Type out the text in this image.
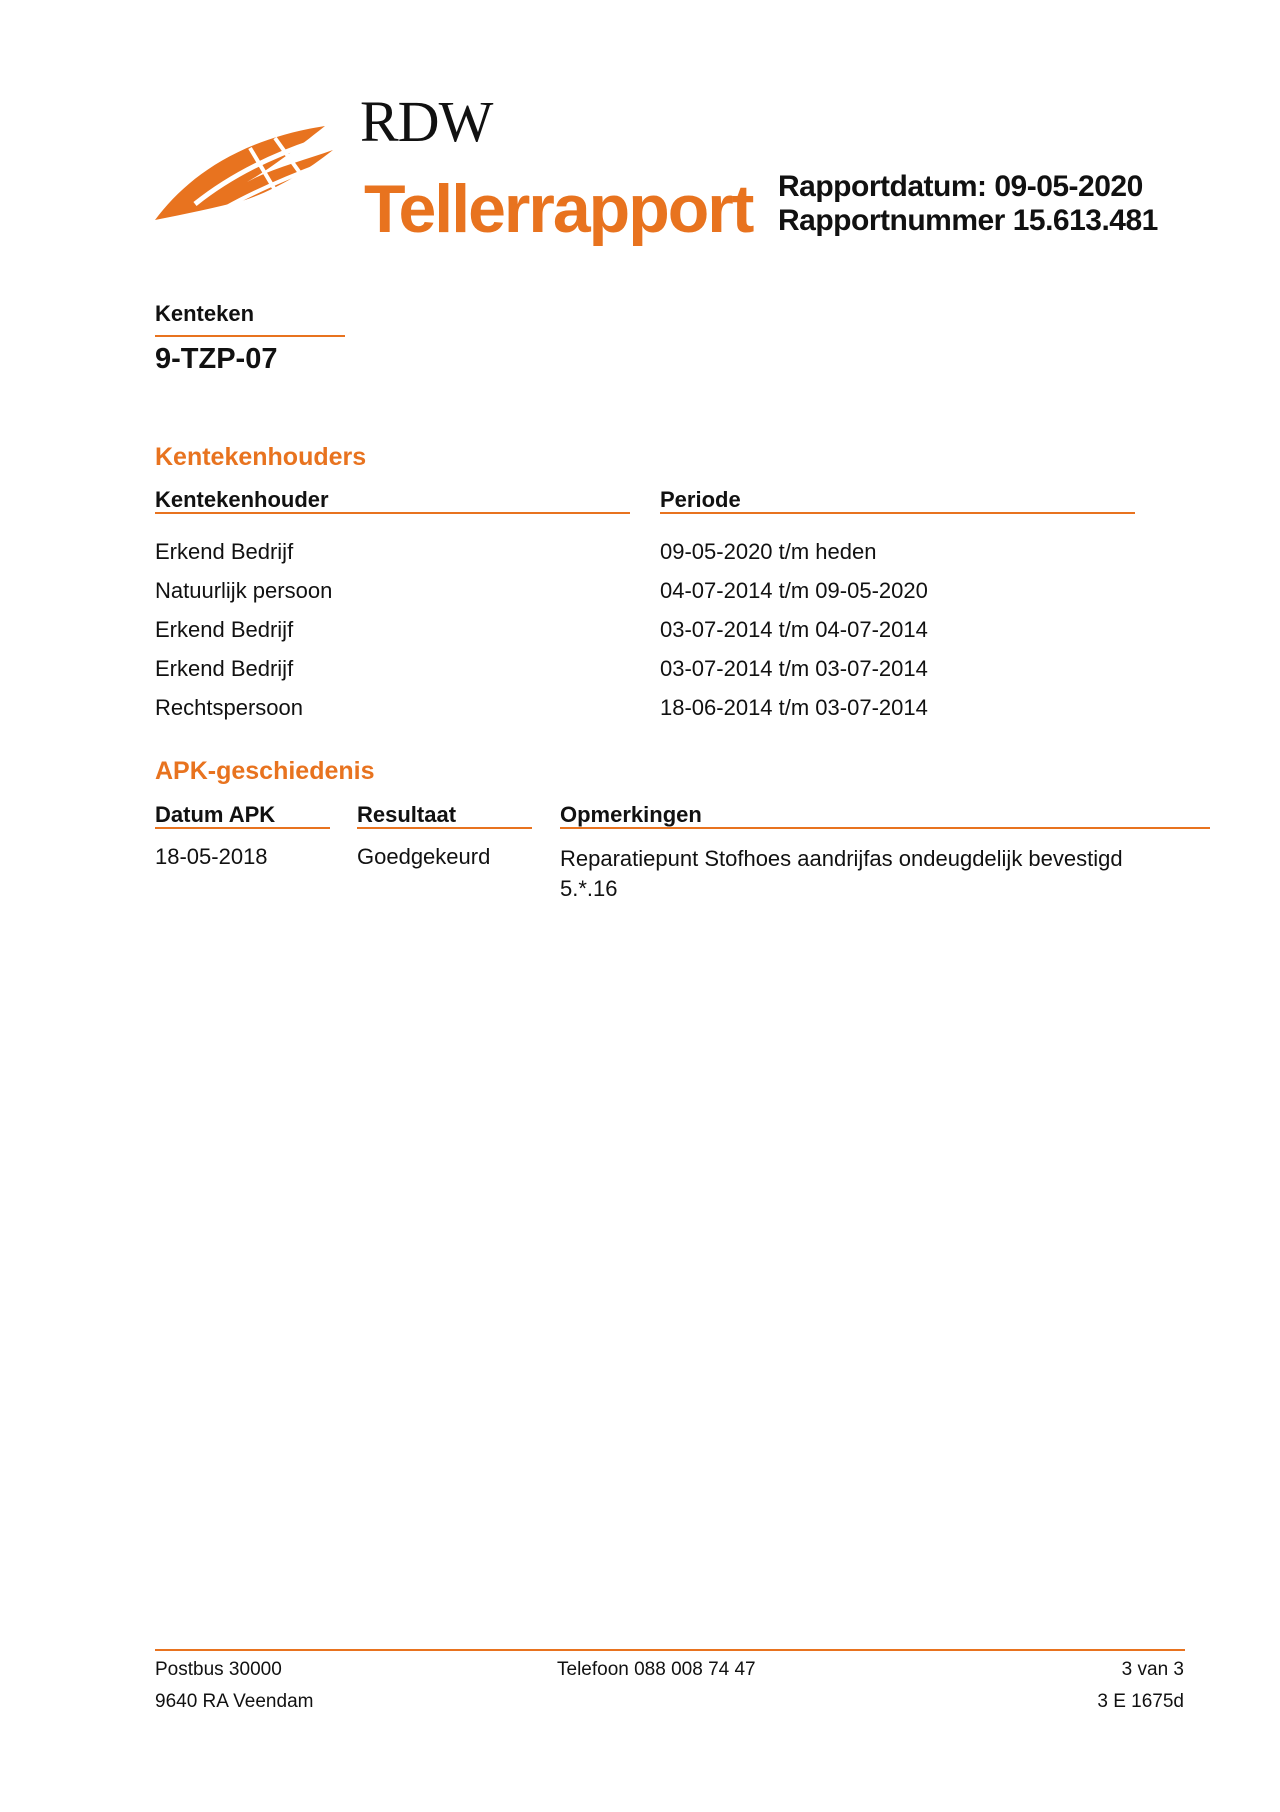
RDW
Tellerrapport Rapportdatum: 09-05-2020
Rapportnummer 15.613.481
Kenteken
9-TZP-07
Kentekenhouders
Kentekenhouder	Periode
Erkend Bedrijf	09-05-2020 t/m heden
Natuurlijk persoon	04-07-2014 t/m 09-05-2020
Erkend Bedrijf	03-07-2014 t/m 04-07-2014
Erkend Bedrijf	03-07-2014 t/m 03-07-2014
Rechtspersoon	18-06-2014 t/m 03-07-2014
APK-geschiedenis
Datum APK	Resultaat	Opmerkingen
18-05-2018	Goedgekeurd	Reparatiepunt Stofhoes aandrijfas ondeugdelijk bevestigd
5.*.16
Postbus 30000
9640 RA Veendam
Telefoon 088 008 74 47	3 van 3
3 E 1675d
